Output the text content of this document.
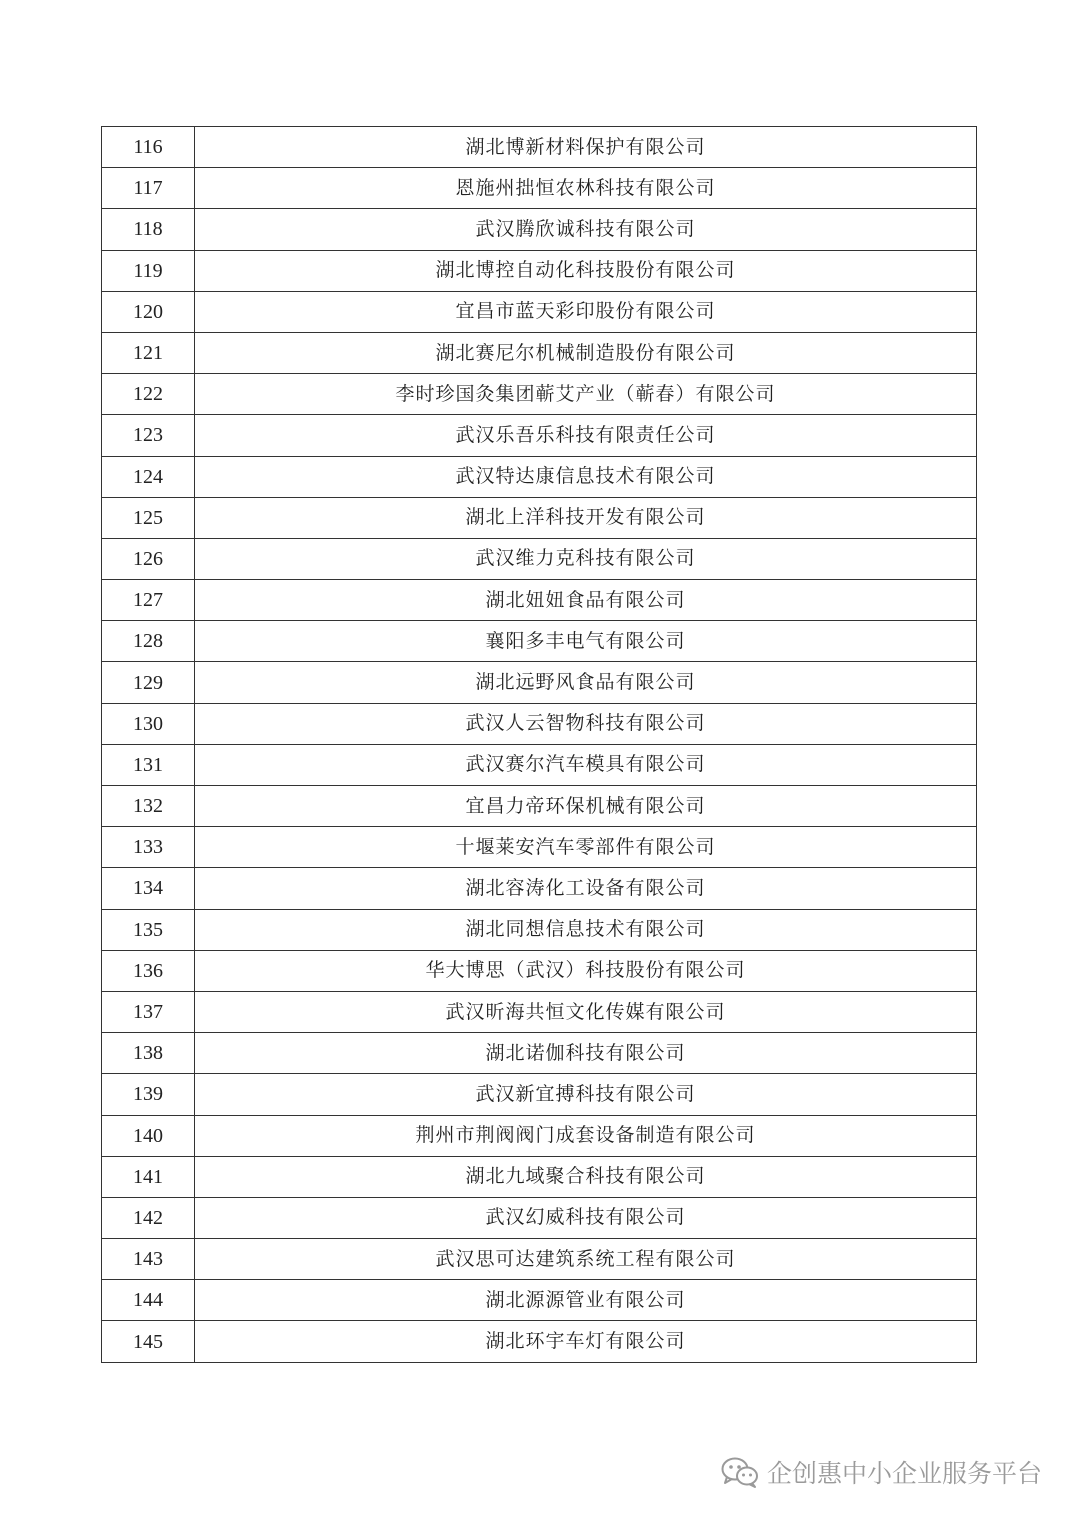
116	湖北博新材料保护有限公司
117	恩施州拙恒农林科技有限公司
118	武汉腾欣诚科技有限公司
119	湖北博控自动化科技股份有限公司
120	宜昌市蓝天彩印股份有限公司
121	湖北赛尼尔机械制造股份有限公司
122	李时珍国灸集团蕲艾产业（蕲春）有限公司
123	武汉乐吾乐科技有限责任公司
124	武汉特达康信息技术有限公司
125	湖北上洋科技开发有限公司
126	武汉维力克科技有限公司
127	湖北妞妞食品有限公司
128	襄阳多丰电气有限公司
129	湖北远野风食品有限公司
130	武汉人云智物科技有限公司
131	武汉赛尔汽车模具有限公司
132	宜昌力帝环保机械有限公司
133	十堰莱安汽车零部件有限公司
134	湖北容涛化工设备有限公司
135	湖北同想信息技术有限公司
136	华大博思（武汉）科技股份有限公司
137	武汉昕海共恒文化传媒有限公司
138	湖北诺伽科技有限公司
139	武汉新宜搏科技有限公司
140	荆州市荆阀阀门成套设备制造有限公司
141	湖北九域聚合科技有限公司
142	武汉幻威科技有限公司
143	武汉思可达建筑系统工程有限公司
144	湖北源源管业有限公司
145	湖北环宇车灯有限公司
企创惠中小企业服务平台
